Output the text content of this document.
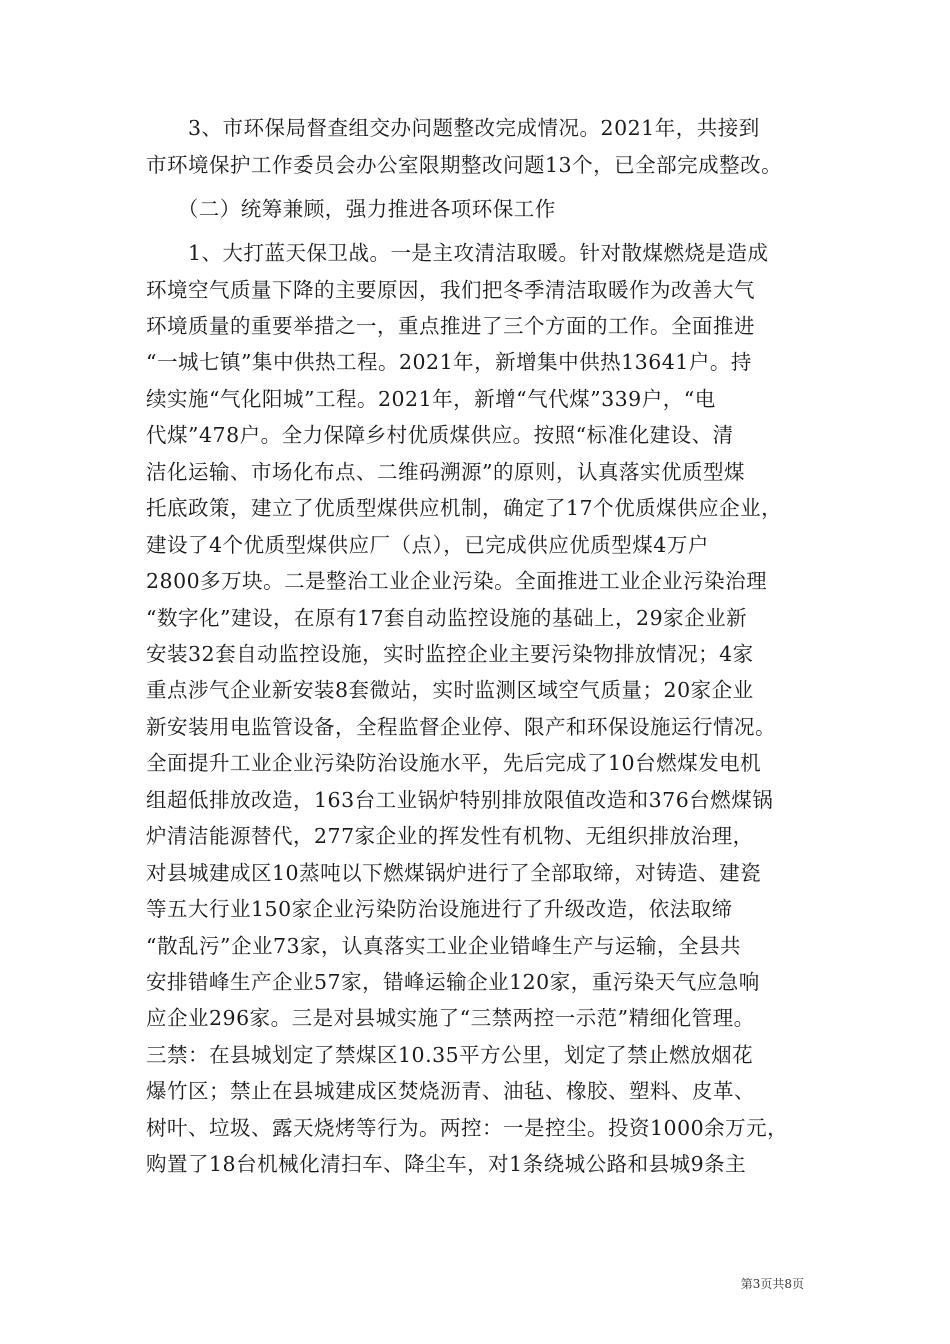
　　3、市环保局督查组交办问题整改完成情况。2021年，共接到
市环境保护工作委员会办公室限期整改问题13个，已全部完成整改。
　　（二）统筹兼顾，强力推进各项环保工作
　　1、大打蓝天保卫战。一是主攻清洁取暖。针对散煤燃烧是造成
环境空气质量下降的主要原因，我们把冬季清洁取暖作为改善大气
环境质量的重要举措之一，重点推进了三个方面的工作。全面推进
“一城七镇”集中供热工程。2021年，新增集中供热13641户。持
续实施“气化阳城”工程。2021年，新增“气代煤”339户，“电
代煤”478户。全力保障乡村优质煤供应。按照“标准化建设、清
洁化运输、市场化布点、二维码溯源”的原则，认真落实优质型煤
托底政策，建立了优质型煤供应机制，确定了17个优质煤供应企业，
建设了4个优质型煤供应厂（点），已完成供应优质型煤4万户
2800多万块。二是整治工业企业污染。全面推进工业企业污染治理
“数字化”建设，在原有17套自动监控设施的基础上，29家企业新
安装32套自动监控设施，实时监控企业主要污染物排放情况；4家
重点涉气企业新安装8套微站，实时监测区域空气质量；20家企业
新安装用电监管设备，全程监督企业停、限产和环保设施运行情况。
全面提升工业企业污染防治设施水平，先后完成了10台燃煤发电机
组超低排放改造，163台工业锅炉特别排放限值改造和376台燃煤锅
炉清洁能源替代，277家企业的挥发性有机物、无组织排放治理，
对县城建成区10蒸吨以下燃煤锅炉进行了全部取缔，对铸造、建瓷
等五大行业150家企业污染防治设施进行了升级改造，依法取缔
“散乱污”企业73家，认真落实工业企业错峰生产与运输，全县共
安排错峰生产企业57家，错峰运输企业120家，重污染天气应急响
应企业296家。三是对县城实施了“三禁两控一示范”精细化管理。
三禁：在县城划定了禁煤区10.35平方公里，划定了禁止燃放烟花
爆竹区；禁止在县城建成区焚烧沥青、油毡、橡胶、塑料、皮革、
树叶、垃圾、露天烧烤等行为。两控：一是控尘。投资1000余万元，
购置了18台机械化清扫车、降尘车，对1条绕城公路和县城9条主
第3页共8页
